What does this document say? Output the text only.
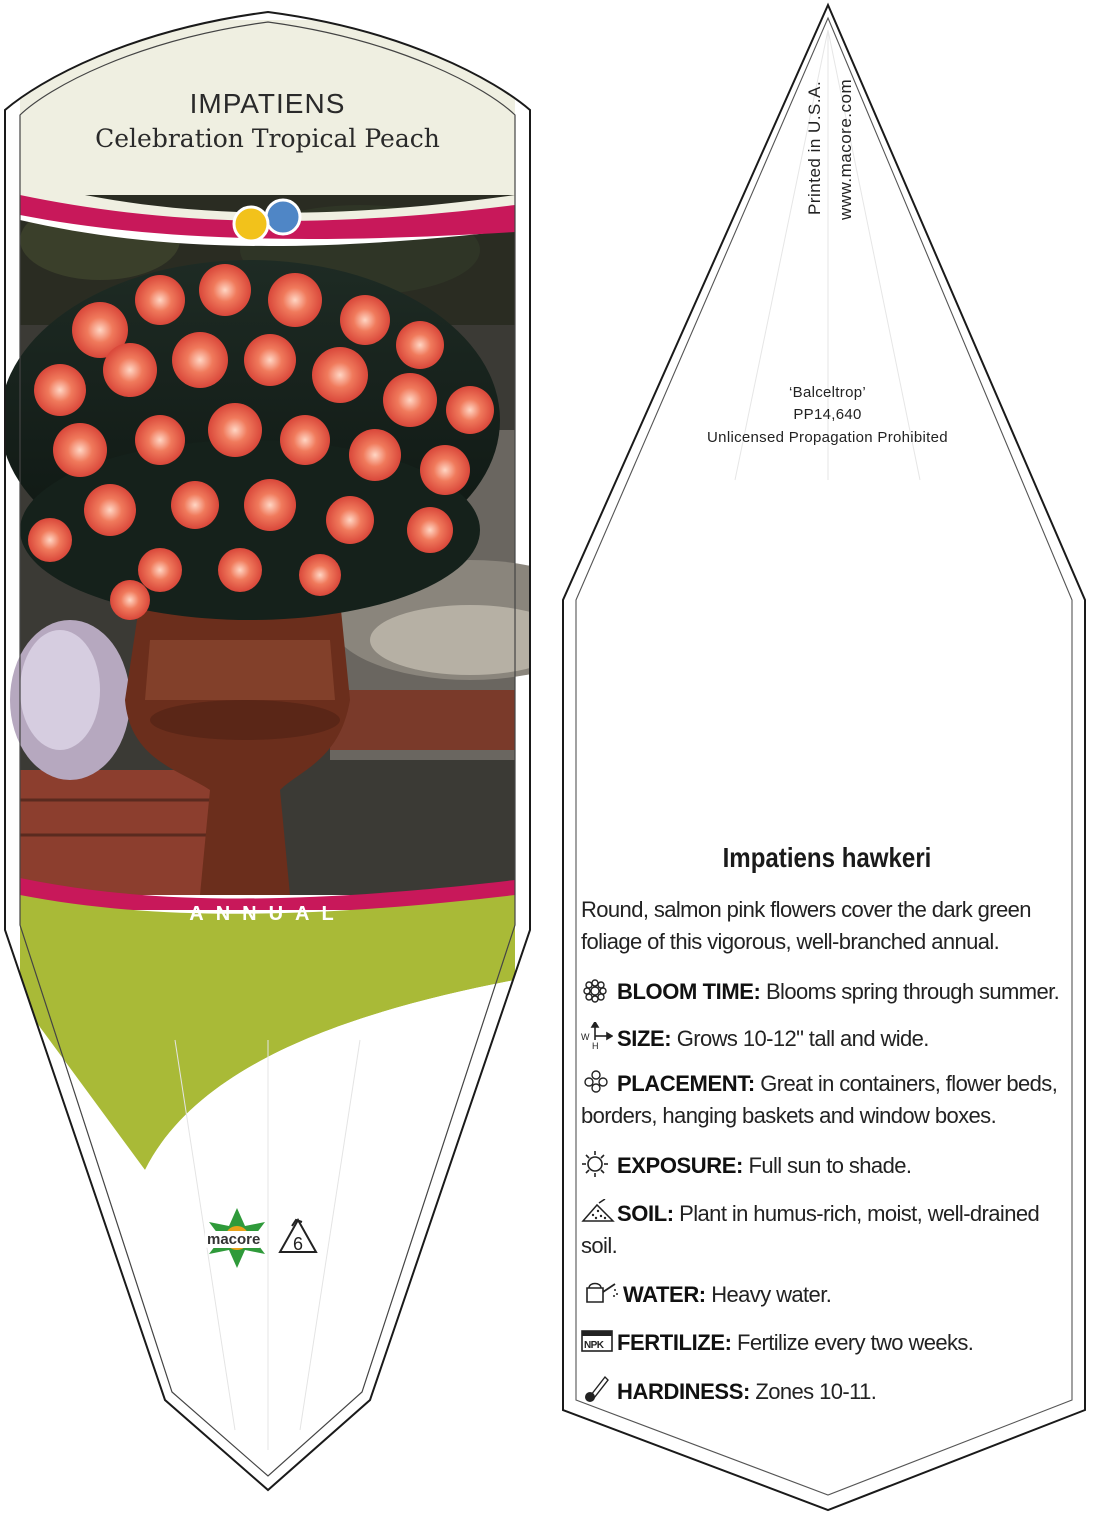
IMPATIENS
Celebration Tropical Peach
ANNUAL
macore 6
Printed in U.S.A. www.macore.com
‘Balceltrop’
PP14,640
Unlicensed Propagation Prohibited
Impatiens hawkeri
Round, salmon pink flowers cover the dark green foliage of this vigorous, well-branched annual.
BLOOM TIME: Blooms spring through summer.
W
H SIZE: Grows 10-12" tall and wide.
PLACEMENT: Great in containers, flower beds, borders, hanging baskets and window boxes.
EXPOSURE: Full sun to shade.
SOIL: Plant in humus-rich, moist, well-drained soil.
WATER: Heavy water.
NPK FERTILIZE: Fertilize every two weeks.
HARDINESS: Zones 10-11.
